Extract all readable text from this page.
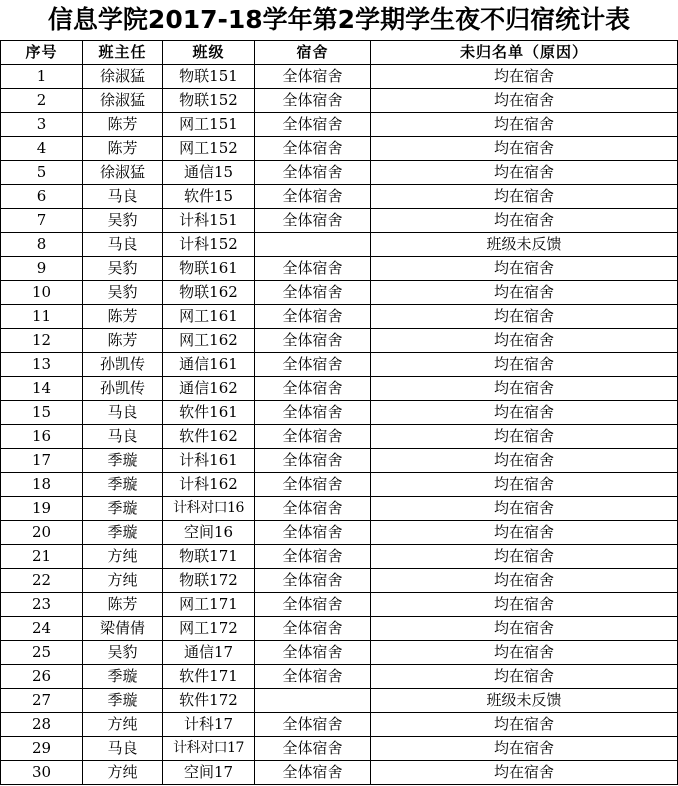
信息学院2017-18学年第2学期学生夜不归宿统计表
序号	班主任	班级	宿舍	未归名单（原因）
1	徐淑猛	物联151	全体宿舍	均在宿舍
2	徐淑猛	物联152	全体宿舍	均在宿舍
3	陈芳	网工151	全体宿舍	均在宿舍
4	陈芳	网工152	全体宿舍	均在宿舍
5	徐淑猛	通信15	全体宿舍	均在宿舍
6	马良	软件15	全体宿舍	均在宿舍
7	吴豹	计科151	全体宿舍	均在宿舍
8	马良	计科152		班级未反馈
9	吴豹	物联161	全体宿舍	均在宿舍
10	吴豹	物联162	全体宿舍	均在宿舍
11	陈芳	网工161	全体宿舍	均在宿舍
12	陈芳	网工162	全体宿舍	均在宿舍
13	孙凯传	通信161	全体宿舍	均在宿舍
14	孙凯传	通信162	全体宿舍	均在宿舍
15	马良	软件161	全体宿舍	均在宿舍
16	马良	软件162	全体宿舍	均在宿舍
17	季璇	计科161	全体宿舍	均在宿舍
18	季璇	计科162	全体宿舍	均在宿舍
19	季璇	计科对口16	全体宿舍	均在宿舍
20	季璇	空间16	全体宿舍	均在宿舍
21	方纯	物联171	全体宿舍	均在宿舍
22	方纯	物联172	全体宿舍	均在宿舍
23	陈芳	网工171	全体宿舍	均在宿舍
24	梁倩倩	网工172	全体宿舍	均在宿舍
25	吴豹	通信17	全体宿舍	均在宿舍
26	季璇	软件171	全体宿舍	均在宿舍
27	季璇	软件172		班级未反馈
28	方纯	计科17	全体宿舍	均在宿舍
29	马良	计科对口17	全体宿舍	均在宿舍
30	方纯	空间17	全体宿舍	均在宿舍
